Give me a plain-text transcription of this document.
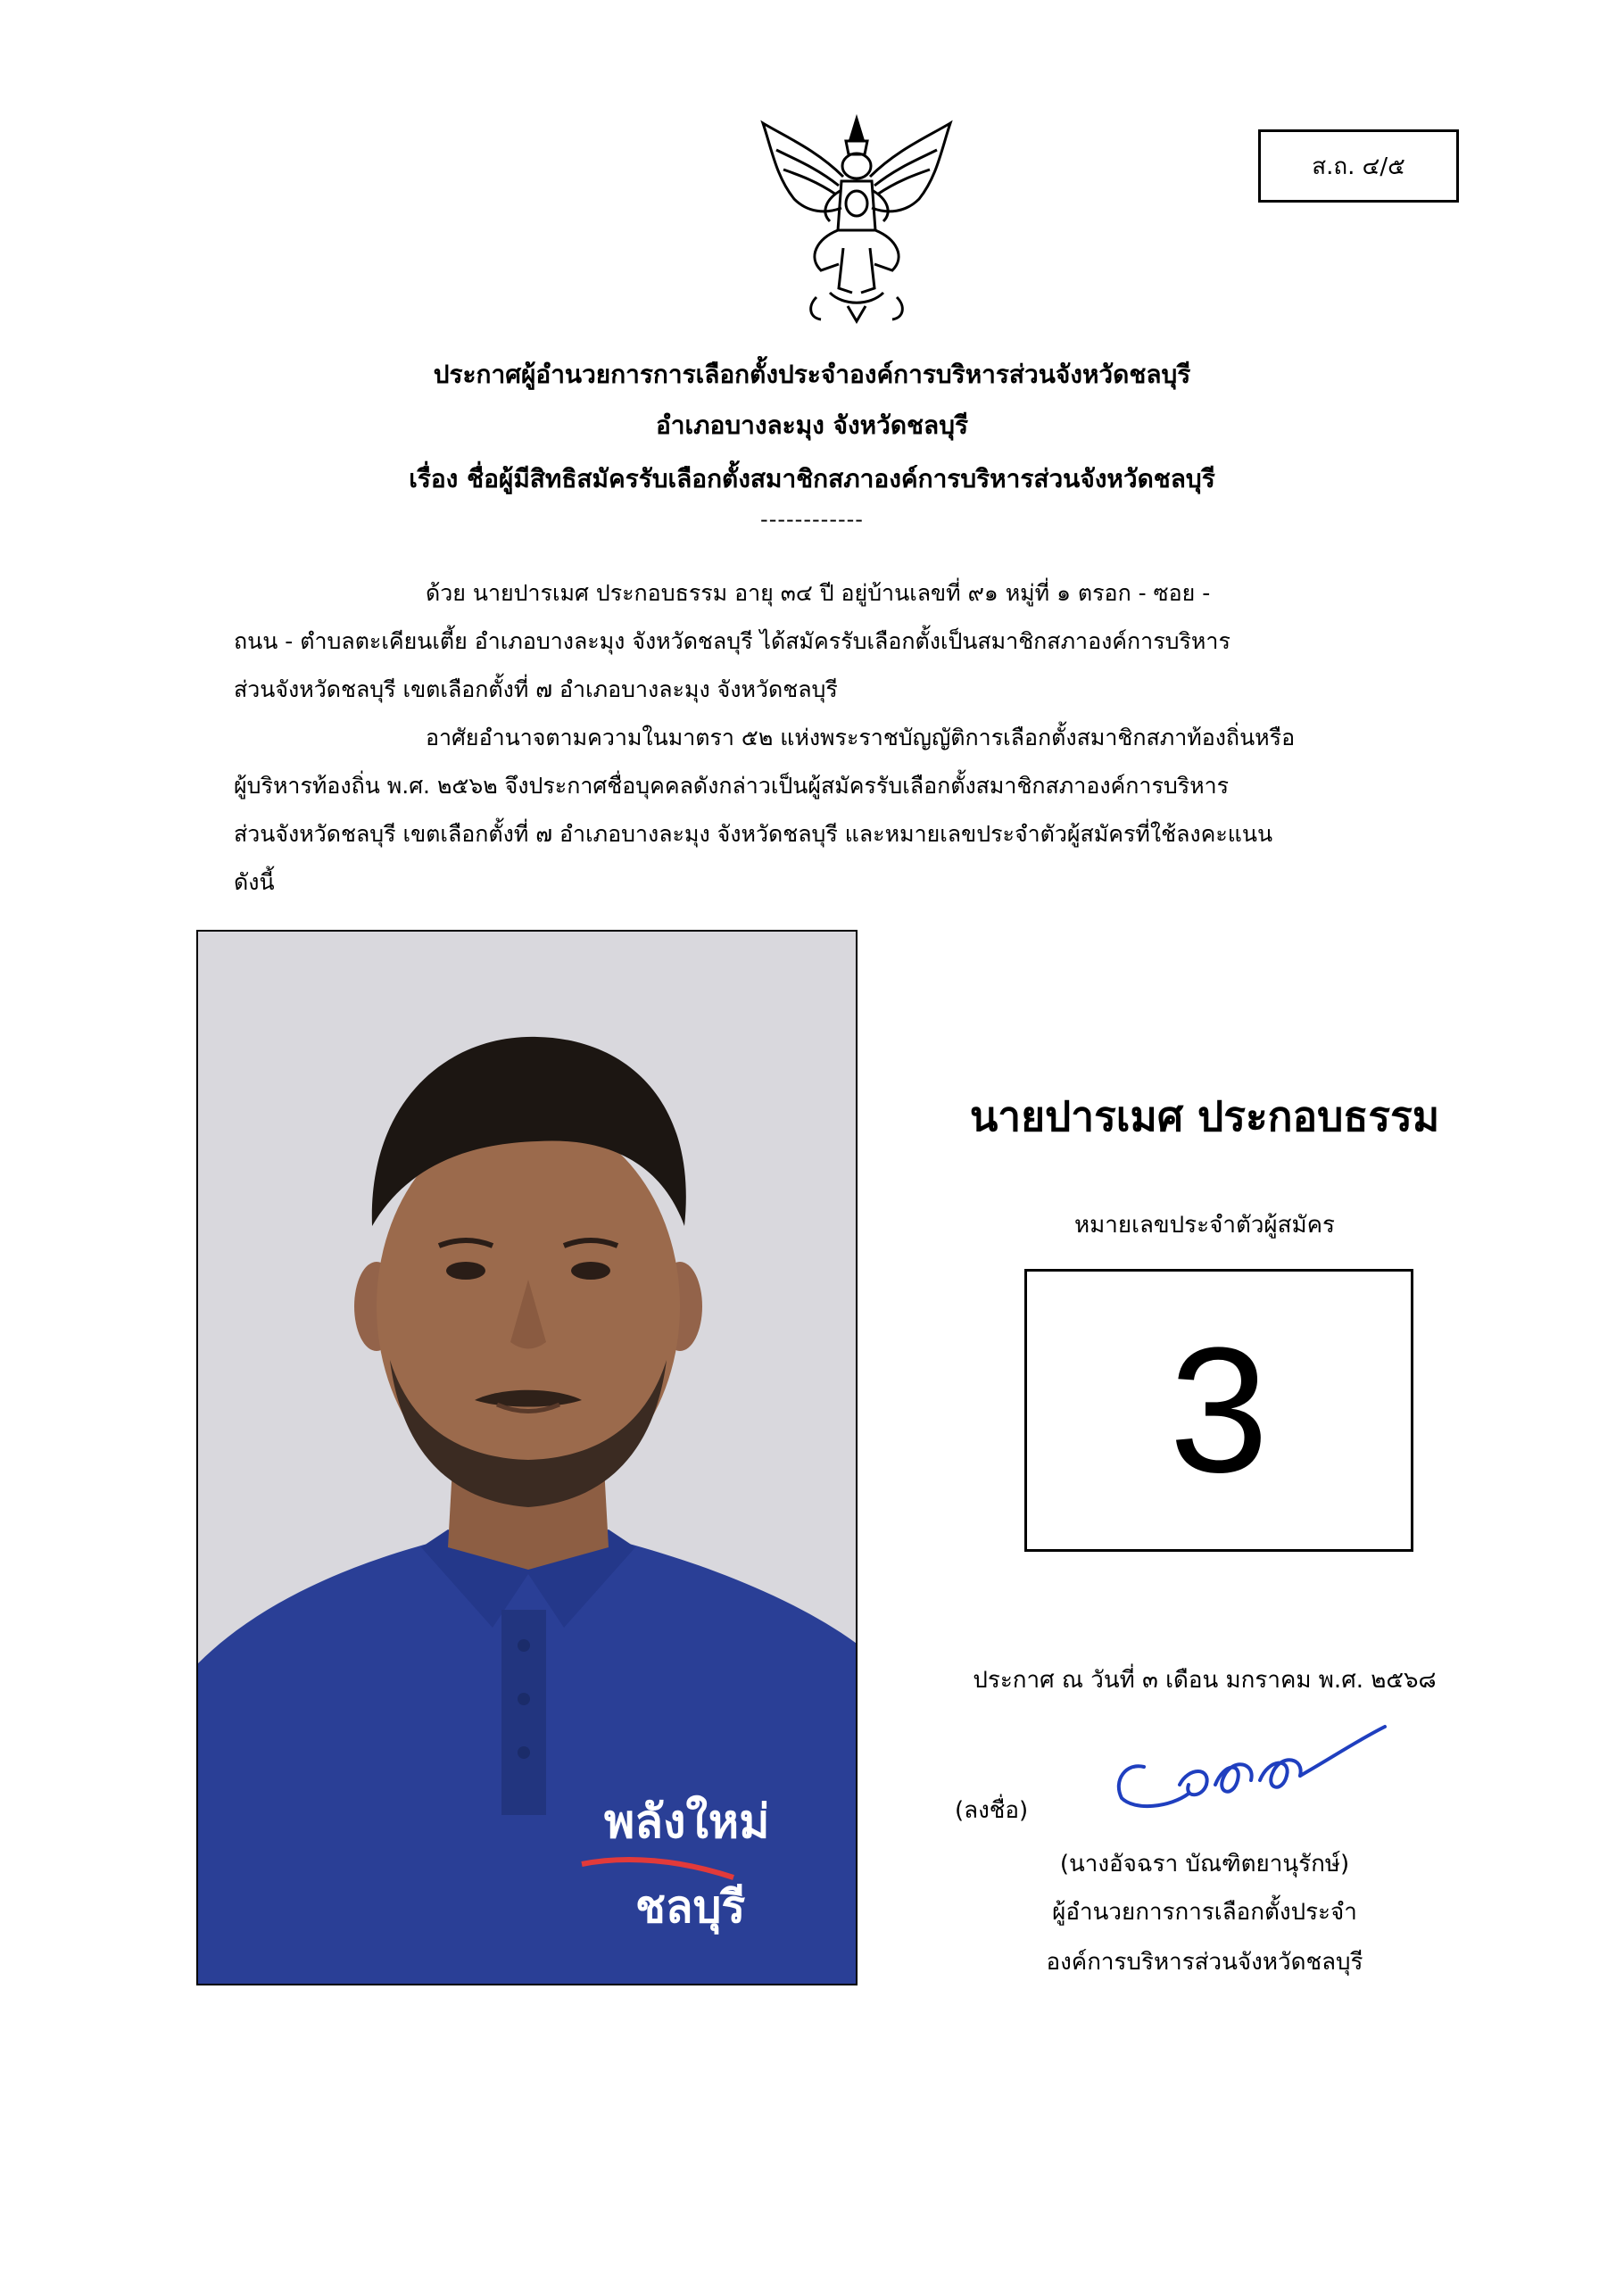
ส.ถ. ๔/๕
ประกาศผู้อำนวยการการเลือกตั้งประจำองค์การบริหารส่วนจังหวัดชลบุรี
อำเภอบางละมุง จังหวัดชลบุรี
เรื่อง ชื่อผู้มีสิทธิสมัครรับเลือกตั้งสมาชิกสภาองค์การบริหารส่วนจังหวัดชลบุรี
------------
ด้วย นายปารเมศ ประกอบธรรม อายุ ๓๔ ปี อยู่บ้านเลขที่ ๙๑ หมู่ที่ ๑ ตรอก - ซอย -
ถนน - ตำบลตะเคียนเตี้ย อำเภอบางละมุง จังหวัดชลบุรี ได้สมัครรับเลือกตั้งเป็นสมาชิกสภาองค์การบริหาร
ส่วนจังหวัดชลบุรี เขตเลือกตั้งที่ ๗ อำเภอบางละมุง จังหวัดชลบุรี
อาศัยอำนาจตามความในมาตรา ๕๒ แห่งพระราชบัญญัติการเลือกตั้งสมาชิกสภาท้องถิ่นหรือ
ผู้บริหารท้องถิ่น พ.ศ. ๒๕๖๒ จึงประกาศชื่อบุคคลดังกล่าวเป็นผู้สมัครรับเลือกตั้งสมาชิกสภาองค์การบริหาร
ส่วนจังหวัดชลบุรี เขตเลือกตั้งที่ ๗ อำเภอบางละมุง จังหวัดชลบุรี และหมายเลขประจำตัวผู้สมัครที่ใช้ลงคะแนน
ดังนี้
พลังใหม่
ชลบุรี
นายปารเมศ ประกอบธรรม
หมายเลขประจำตัวผู้สมัคร
3
ประกาศ ณ วันที่ ๓ เดือน มกราคม พ.ศ. ๒๕๖๘
(ลงชื่อ)
(นางอัจฉรา บัณฑิตยานุรักษ์)
ผู้อำนวยการการเลือกตั้งประจำ
องค์การบริหารส่วนจังหวัดชลบุรี
